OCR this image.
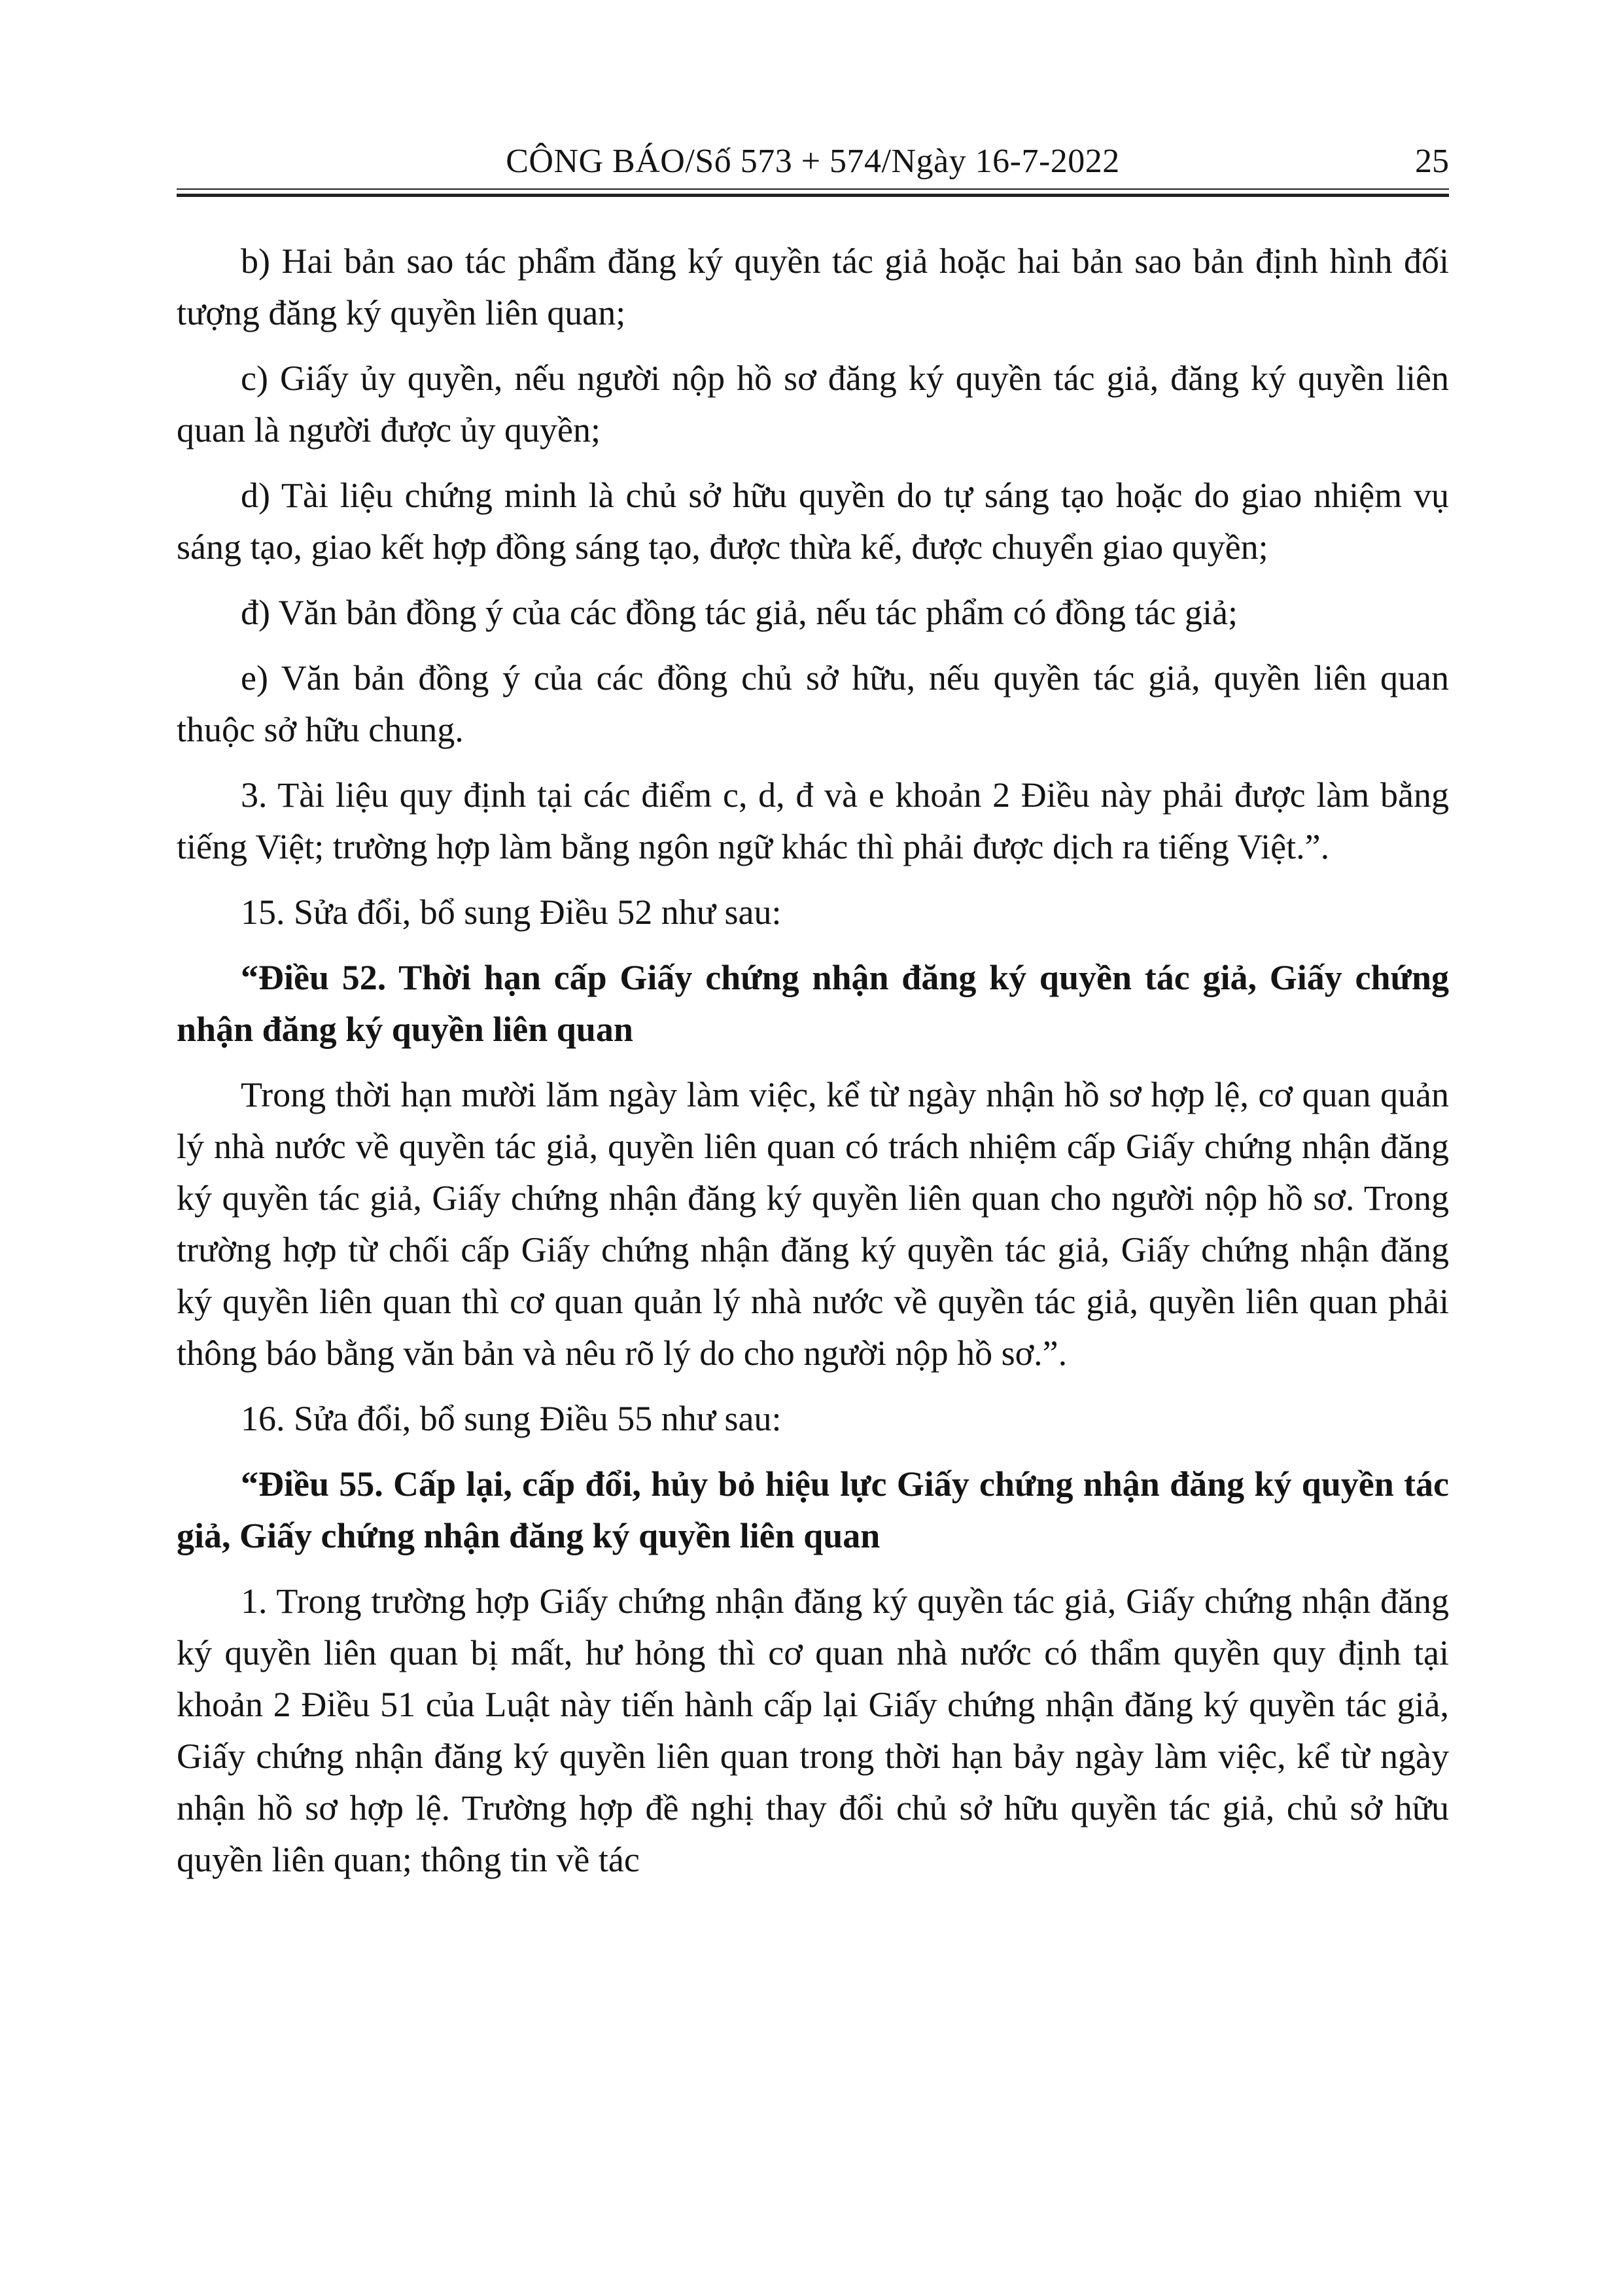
CÔNG BÁO/Số 573 + 574/Ngày 16-7-2022	25

b) Hai bản sao tác phẩm đăng ký quyền tác giả hoặc hai bản sao bản định hình đối tượng đăng ký quyền liên quan;

c) Giấy ủy quyền, nếu người nộp hồ sơ đăng ký quyền tác giả, đăng ký quyền liên quan là người được ủy quyền;

d) Tài liệu chứng minh là chủ sở hữu quyền do tự sáng tạo hoặc do giao nhiệm vụ sáng tạo, giao kết hợp đồng sáng tạo, được thừa kế, được chuyển giao quyền;

đ) Văn bản đồng ý của các đồng tác giả, nếu tác phẩm có đồng tác giả;

e) Văn bản đồng ý của các đồng chủ sở hữu, nếu quyền tác giả, quyền liên quan thuộc sở hữu chung.

3. Tài liệu quy định tại các điểm c, d, đ và e khoản 2 Điều này phải được làm bằng tiếng Việt; trường hợp làm bằng ngôn ngữ khác thì phải được dịch ra tiếng Việt.”.

15. Sửa đổi, bổ sung Điều 52 như sau:

“Điều 52. Thời hạn cấp Giấy chứng nhận đăng ký quyền tác giả, Giấy chứng nhận đăng ký quyền liên quan

Trong thời hạn mười lăm ngày làm việc, kể từ ngày nhận hồ sơ hợp lệ, cơ quan quản lý nhà nước về quyền tác giả, quyền liên quan có trách nhiệm cấp Giấy chứng nhận đăng ký quyền tác giả, Giấy chứng nhận đăng ký quyền liên quan cho người nộp hồ sơ. Trong trường hợp từ chối cấp Giấy chứng nhận đăng ký quyền tác giả, Giấy chứng nhận đăng ký quyền liên quan thì cơ quan quản lý nhà nước về quyền tác giả, quyền liên quan phải thông báo bằng văn bản và nêu rõ lý do cho người nộp hồ sơ.”.

16. Sửa đổi, bổ sung Điều 55 như sau:

“Điều 55. Cấp lại, cấp đổi, hủy bỏ hiệu lực Giấy chứng nhận đăng ký quyền tác giả, Giấy chứng nhận đăng ký quyền liên quan

1. Trong trường hợp Giấy chứng nhận đăng ký quyền tác giả, Giấy chứng nhận đăng ký quyền liên quan bị mất, hư hỏng thì cơ quan nhà nước có thẩm quyền quy định tại khoản 2 Điều 51 của Luật này tiến hành cấp lại Giấy chứng nhận đăng ký quyền tác giả, Giấy chứng nhận đăng ký quyền liên quan trong thời hạn bảy ngày làm việc, kể từ ngày nhận hồ sơ hợp lệ. Trường hợp đề nghị thay đổi chủ sở hữu quyền tác giả, chủ sở hữu quyền liên quan; thông tin về tác
